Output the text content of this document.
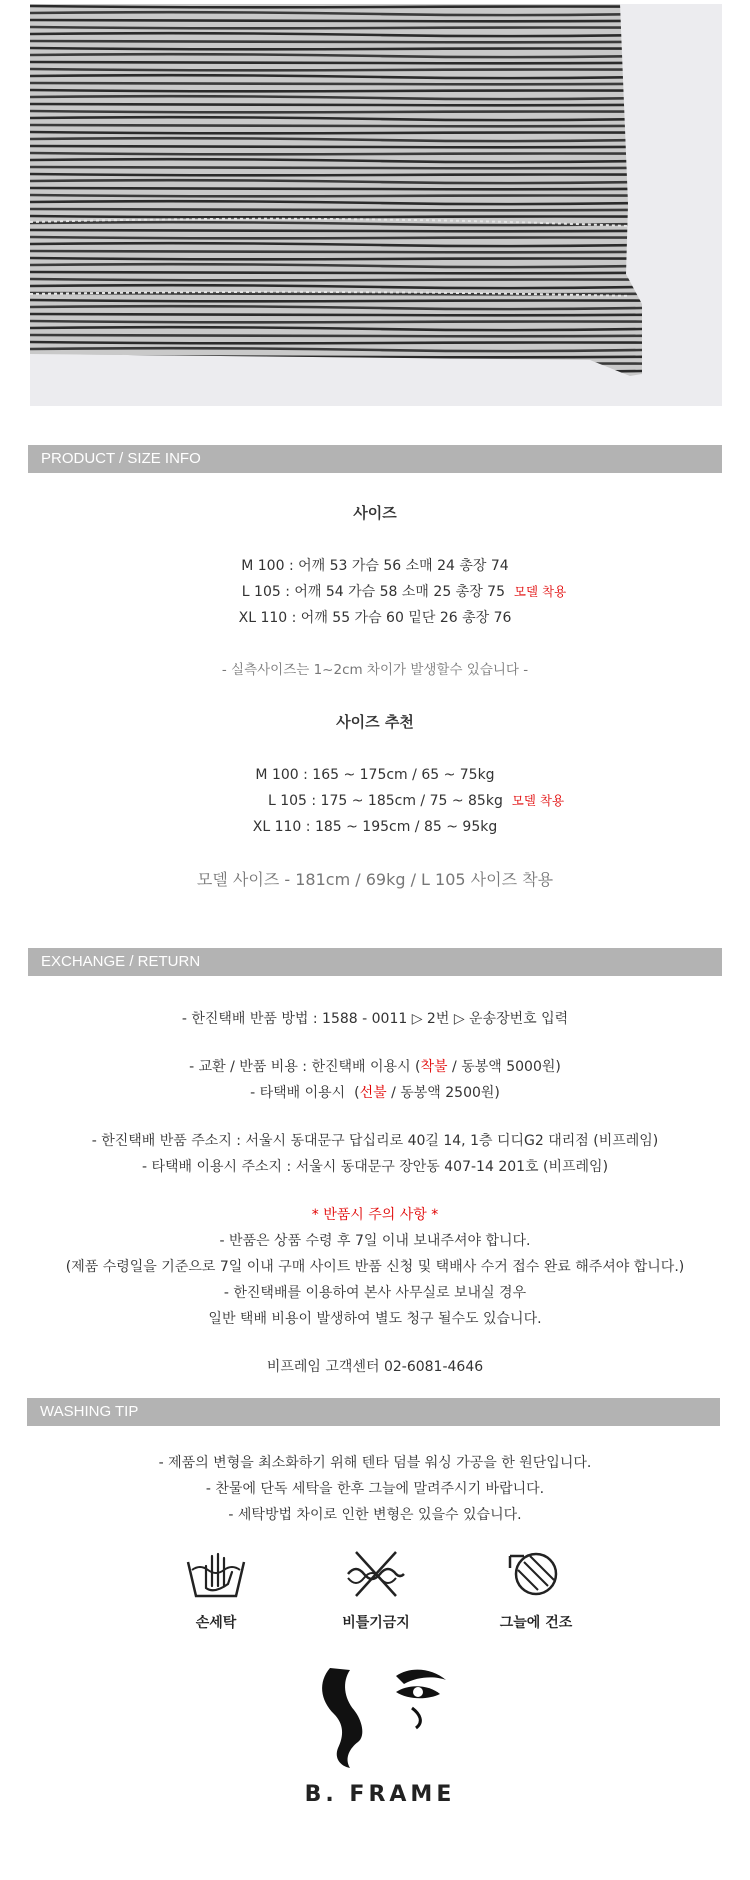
PRODUCT / SIZE INFO
사이즈
M 100 : 어깨 53 가슴 56 소매 24 총장 74
L 105 : 어깨 54 가슴 58 소매 25 총장 75 모델 착용
XL 110 : 어깨 55 가슴 60 밑단 26 총장 76
- 실측사이즈는 1~2cm 차이가 발생할수 있습니다 -
사이즈 추천
M 100 : 165 ~ 175cm / 65 ~ 75kg
L 105 : 175 ~ 185cm / 75 ~ 85kg 모델 착용
XL 110 : 185 ~ 195cm / 85 ~ 95kg
모델 사이즈 - 181cm / 69kg / L 105 사이즈 착용
EXCHANGE / RETURN
- 한진택배 반품 방법 : 1588 - 0011 ▷ 2번 ▷ 운송장번호 입력
- 교환 / 반품 비용 : 한진택배 이용시 (착불 / 동봉액 5000원)
- 타택배 이용시  (선불 / 동봉액 2500원)
- 한진택배 반품 주소지 : 서울시 동대문구 답십리로 40길 14, 1층 디디G2 대리점 (비프레임)
- 타택배 이용시 주소지 : 서울시 동대문구 장안동 407-14 201호 (비프레임)
* 반품시 주의 사항 *
- 반품은 상품 수령 후 7일 이내 보내주셔야 합니다.
(제품 수령일을 기준으로 7일 이내 구매 사이트 반품 신청 및 택배사 수거 접수 완료 해주셔야 합니다.)
- 한진택배를 이용하여 본사 사무실로 보내실 경우
일반 택배 비용이 발생하여 별도 청구 될수도 있습니다.
비프레임 고객센터 02-6081-4646
WASHING TIP
- 제품의 변형을 최소화하기 위해 텐타 덤블 워싱 가공을 한 원단입니다.
- 찬물에 단독 세탁을 한후 그늘에 말려주시기 바랍니다.
- 세탁방법 차이로 인한 변형은 있을수 있습니다.
손세탁	비틀기금지	그늘에 건조
B. FRAME
